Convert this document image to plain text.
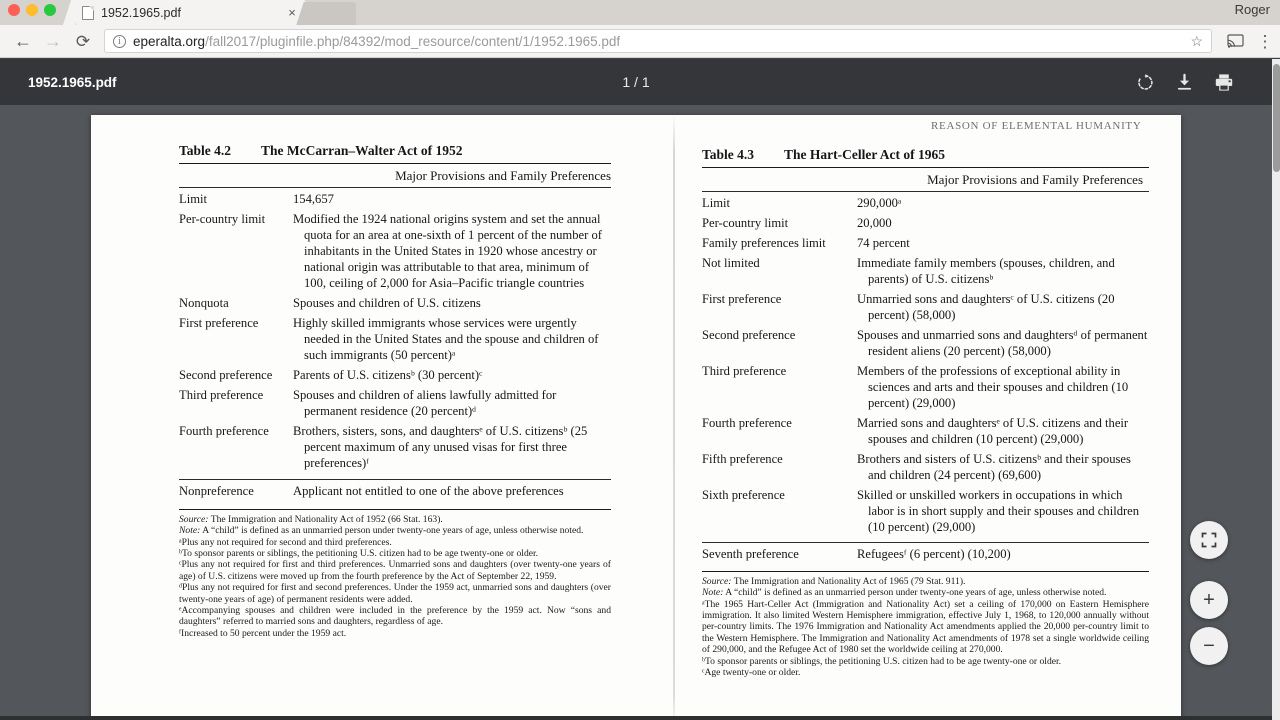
1952.1965.pdf	×	Roger
← → ⟳	i eperalta.org/fall2017/pluginfile.php/84392/mod_resource/content/1/1952.1965.pdf	☆	⋮
1952.1965.pdf	1 / 1
REASON OF ELEMENTAL HUMANITY
Table 4.2	The McCarran–Walter Act of 1952
Major Provisions and Family Preferences
Limit	154,657
Per-country limit	Modified the 1924 national origins system and set the annual quota for an area at one-sixth of 1 percent of the number of inhabitants in the United States in 1920 whose ancestry or national origin was attributable to that area, minimum of 100, ceiling of 2,000 for Asia–Pacific triangle countries
Nonquota	Spouses and children of U.S. citizens
First preference	Highly skilled immigrants whose services were urgently needed in the United States and the spouse and children of such immigrants (50 percent)ᵃ
Second preference	Parents of U.S. citizensᵇ (30 percent)ᶜ
Third preference	Spouses and children of aliens lawfully admitted for permanent residence (20 percent)ᵈ
Fourth preference	Brothers, sisters, sons, and daughtersᵉ of U.S. citizensᵇ (25 percent maximum of any unused visas for first three preferences)ᶠ
Nonpreference	Applicant not entitled to one of the above preferences

Source: The Immigration and Nationality Act of 1952 (66 Stat. 163).

Note: A “child” is defined as an unmarried person under twenty-one years of age, unless otherwise noted.

ᵃPlus any not required for second and third preferences.

ᵇTo sponsor parents or siblings, the petitioning U.S. citizen had to be age twenty-one or older.

ᶜPlus any not required for first and third preferences. Unmarried sons and daughters (over twenty-one years of age) of U.S. citizens were moved up from the fourth preference by the Act of September 22, 1959.

ᵈPlus any not required for first and second preferences. Under the 1959 act, unmarried sons and daughters (over twenty-one years of age) of permanent residents were added.

ᵉAccompanying spouses and children were included in the preference by the 1959 act. Now “sons and daughters” referred to married sons and daughters, regardless of age.

ᶠIncreased to 50 percent under the 1959 act.

Table 4.3	The Hart-Celler Act of 1965
Major Provisions and Family Preferences
Limit	290,000ᵃ
Per-country limit	20,000
Family preferences limit	74 percent
Not limited	Immediate family members (spouses, children, and parents) of U.S. citizensᵇ
First preference	Unmarried sons and daughtersᶜ of U.S. citizens (20 percent) (58,000)
Second preference	Spouses and unmarried sons and daughtersᵈ of permanent resident aliens (20 percent) (58,000)
Third preference	Members of the professions of exceptional ability in sciences and arts and their spouses and children (10 percent) (29,000)
Fourth preference	Married sons and daughtersᵉ of U.S. citizens and their spouses and children (10 percent) (29,000)
Fifth preference	Brothers and sisters of U.S. citizensᵇ and their spouses and children (24 percent) (69,600)
Sixth preference	Skilled or unskilled workers in occupations in which labor is in short supply and their spouses and children (10 percent) (29,000)
Seventh preference	Refugeesᶠ (6 percent) (10,200)

Source: The Immigration and Nationality Act of 1965 (79 Stat. 911).

Note: A “child” is defined as an unmarried person under twenty-one years of age, unless otherwise noted.

ᵃThe 1965 Hart-Celler Act (Immigration and Nationality Act) set a ceiling of 170,000 on Eastern Hemisphere immigration. It also limited Western Hemisphere immigration, effective July 1, 1968, to 120,000 annually without per-country limits. The 1976 Immigration and Nationality Act amendments applied the 20,000 per-country limit to the Western Hemisphere. The Immigration and Nationality Act amendments of 1978 set a single worldwide ceiling of 290,000, and the Refugee Act of 1980 set the worldwide ceiling at 270,000.

ᵇTo sponsor parents or siblings, the petitioning U.S. citizen had to be age twenty-one or older.

ᶜAge twenty-one or older.

+
−
